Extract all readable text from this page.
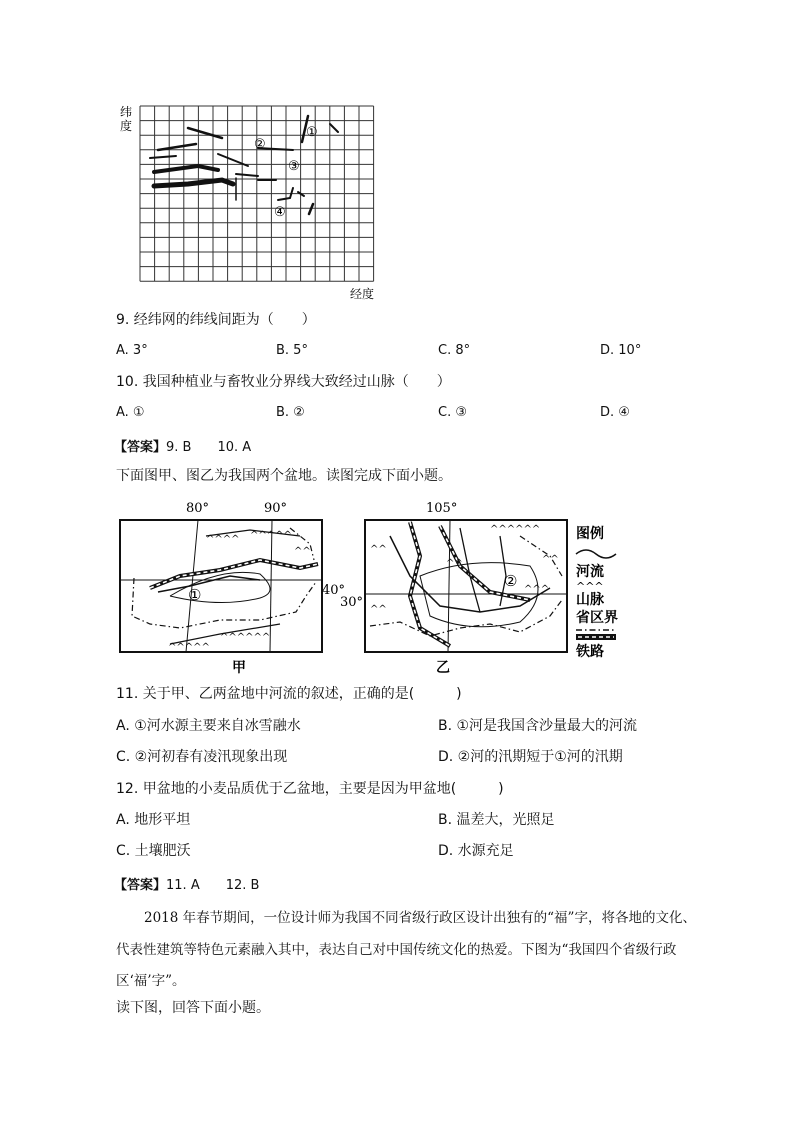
①
②
③
④
纬
度
经度
9. 经纬网的纬线间距为（　　）
A. 3°	B. 5°	C. 8°	D. 10°
10. 我国种植业与畜牧业分界线大致经过山脉（　　）
A. ①	B. ②	C. ③	D. ④
【答案】9. B　　10. A
下面图甲、图乙为我国两个盆地。读图完成下面小题。
^^^^ ^^^^^
^^^^^
^^^^^^
^^
80°	90°
40°
30°
①
^^
^^^^^^
^^
^^^
^^
^^
105°
②
甲	乙
图例
河流
^^^
山脉
省区界
铁路
11. 关于甲、乙两盆地中河流的叙述，正确的是(　　　)
A. ①河水源主要来自冰雪融水	B. ①河是我国含沙量最大的河流
C. ②河初春有凌汛现象出现	D. ②河的汛期短于①河的汛期
12. 甲盆地的小麦品质优于乙盆地，主要是因为甲盆地(　　　)
A. 地形平坦	B. 温差大，光照足
C. 土壤肥沃	D. 水源充足
【答案】11. A　　12. B
2018 年春节期间，一位设计师为我国不同省级行政区设计出独有的“福”字，将各地的文化、
代表性建筑等特色元素融入其中，表达自己对中国传统文化的热爱。下图为“我国四个省级行政
区‘福’字”。
读下图，回答下面小题。
